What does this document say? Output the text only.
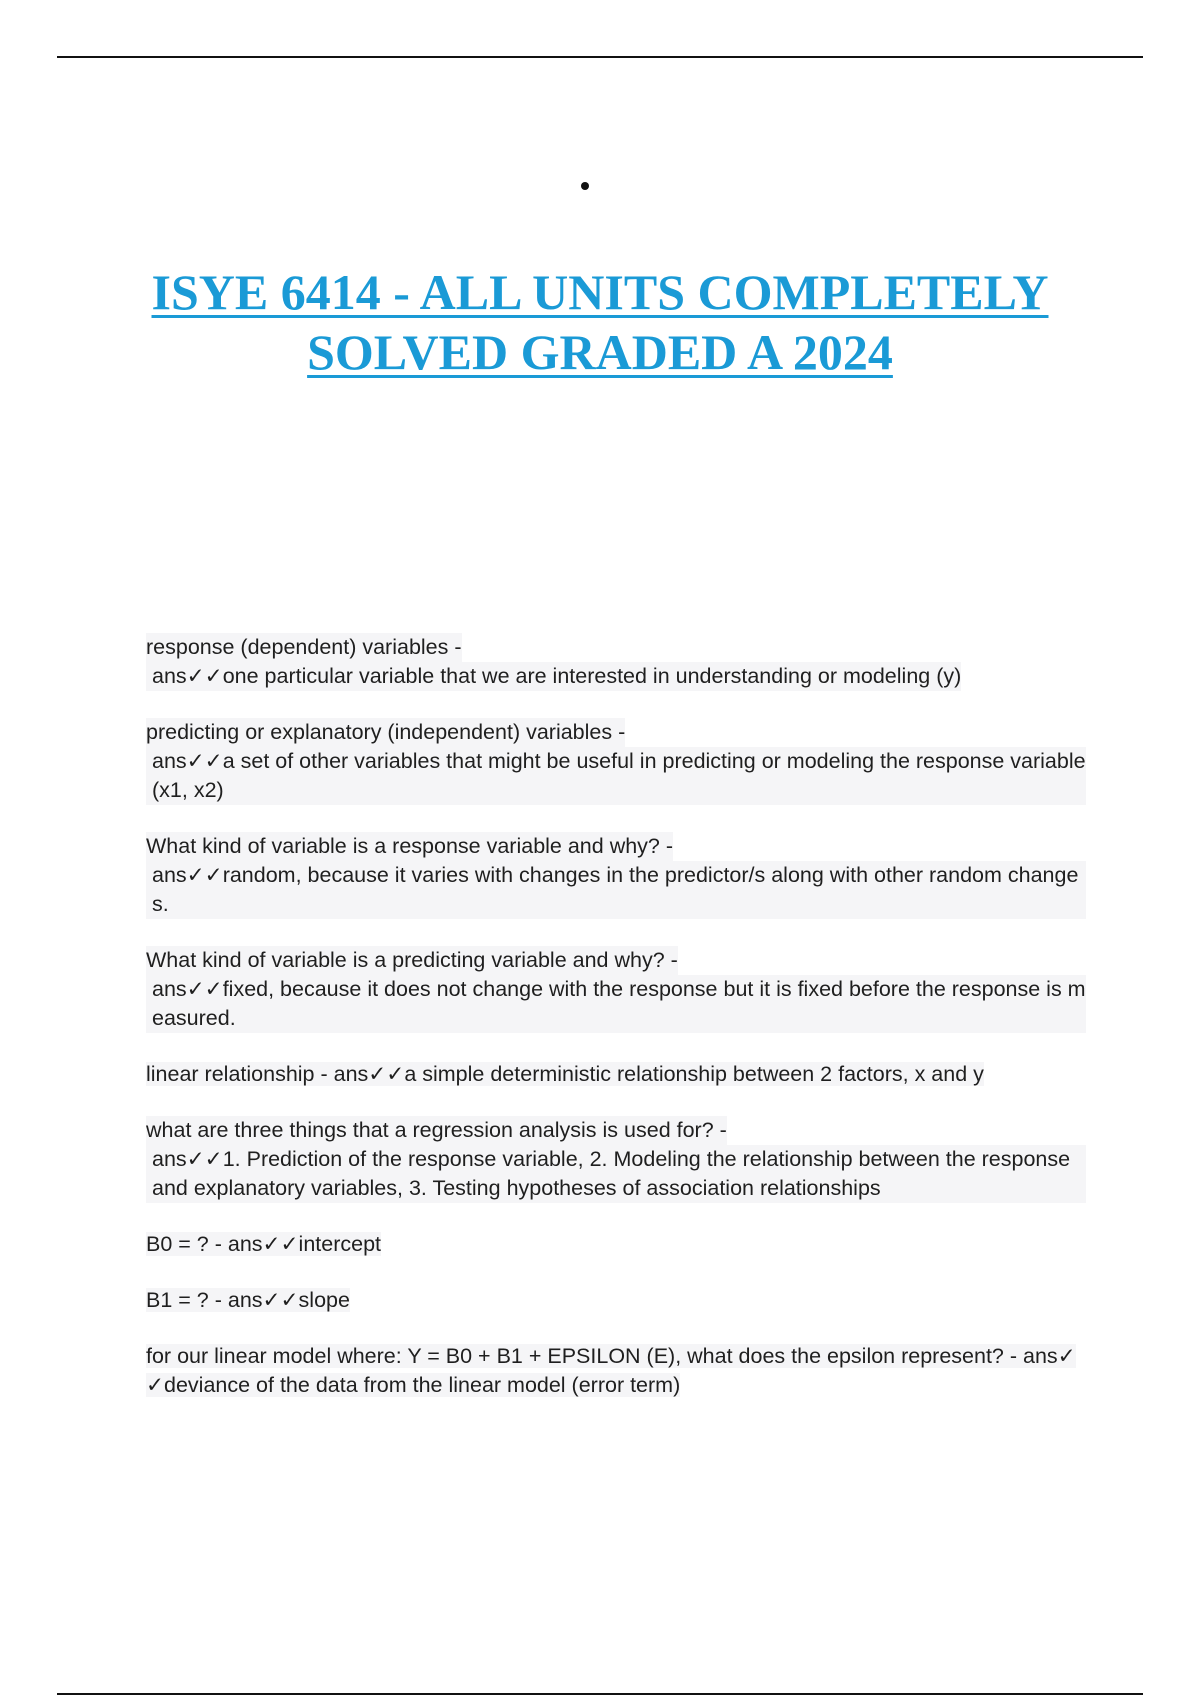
ISYE 6414 - ALL UNITS COMPLETELY
SOLVED GRADED A 2024
response (dependent) variables -
ans✓✓one particular variable that we are interested in understanding or modeling (y)
predicting or explanatory (independent) variables -
ans✓✓a set of other variables that might be useful in predicting or modeling the response variable (x1, x2)
What kind of variable is a response variable and why? -
ans✓✓random, because it varies with changes in the predictor/s along with other random changes.
What kind of variable is a predicting variable and why? -
ans✓✓fixed, because it does not change with the response but it is fixed before the response is measured.
linear relationship - ans✓✓a simple deterministic relationship between 2 factors, x and y
what are three things that a regression analysis is used for? -
ans✓✓1. Prediction of the response variable, 2. Modeling the relationship between the response and explanatory variables, 3. Testing hypotheses of association relationships
B0 = ? - ans✓✓intercept
B1 = ? - ans✓✓slope
for our linear model where: Y = B0 + B1 + EPSILON (E), what does the epsilon represent? - ans✓✓deviance of the data from the linear model (error term)
